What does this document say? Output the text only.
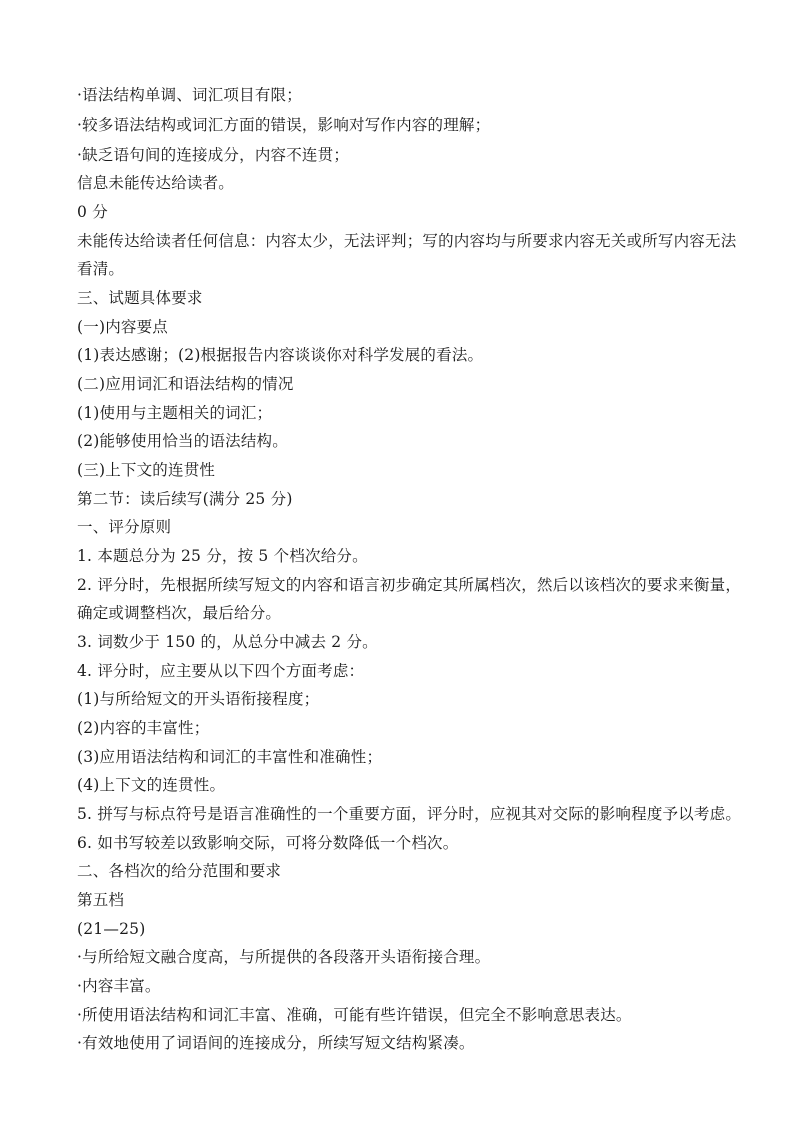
·语法结构单调、词汇项目有限；
·较多语法结构或词汇方面的错误，影响对写作内容的理解；
·缺乏语句间的连接成分，内容不连贯；
信息未能传达给读者。
0 分
未能传达给读者任何信息：内容太少，无法评判；写的内容均与所要求内容无关或所写内容无法
看清。
三、试题具体要求
(一)内容要点
(1)表达感谢；(2)根据报告内容谈谈你对科学发展的看法。
(二)应用词汇和语法结构的情况
(1)使用与主题相关的词汇；
(2)能够使用恰当的语法结构。
(三)上下文的连贯性
第二节：读后续写(满分 25 分)
一、评分原则
1. 本题总分为 25 分，按 5 个档次给分。
2. 评分时，先根据所续写短文的内容和语言初步确定其所属档次，然后以该档次的要求来衡量，
确定或调整档次，最后给分。
3. 词数少于 150 的，从总分中减去 2 分。
4. 评分时，应主要从以下四个方面考虑：
(1)与所给短文的开头语衔接程度；
(2)内容的丰富性；
(3)应用语法结构和词汇的丰富性和准确性；
(4)上下文的连贯性。
5. 拼写与标点符号是语言准确性的一个重要方面，评分时，应视其对交际的影响程度予以考虑。
6. 如书写较差以致影响交际，可将分数降低一个档次。
二、各档次的给分范围和要求
第五档
(21—25)
·与所给短文融合度高，与所提供的各段落开头语衔接合理。
·内容丰富。
·所使用语法结构和词汇丰富、准确，可能有些许错误，但完全不影响意思表达。
·有效地使用了词语间的连接成分，所续写短文结构紧凑。
